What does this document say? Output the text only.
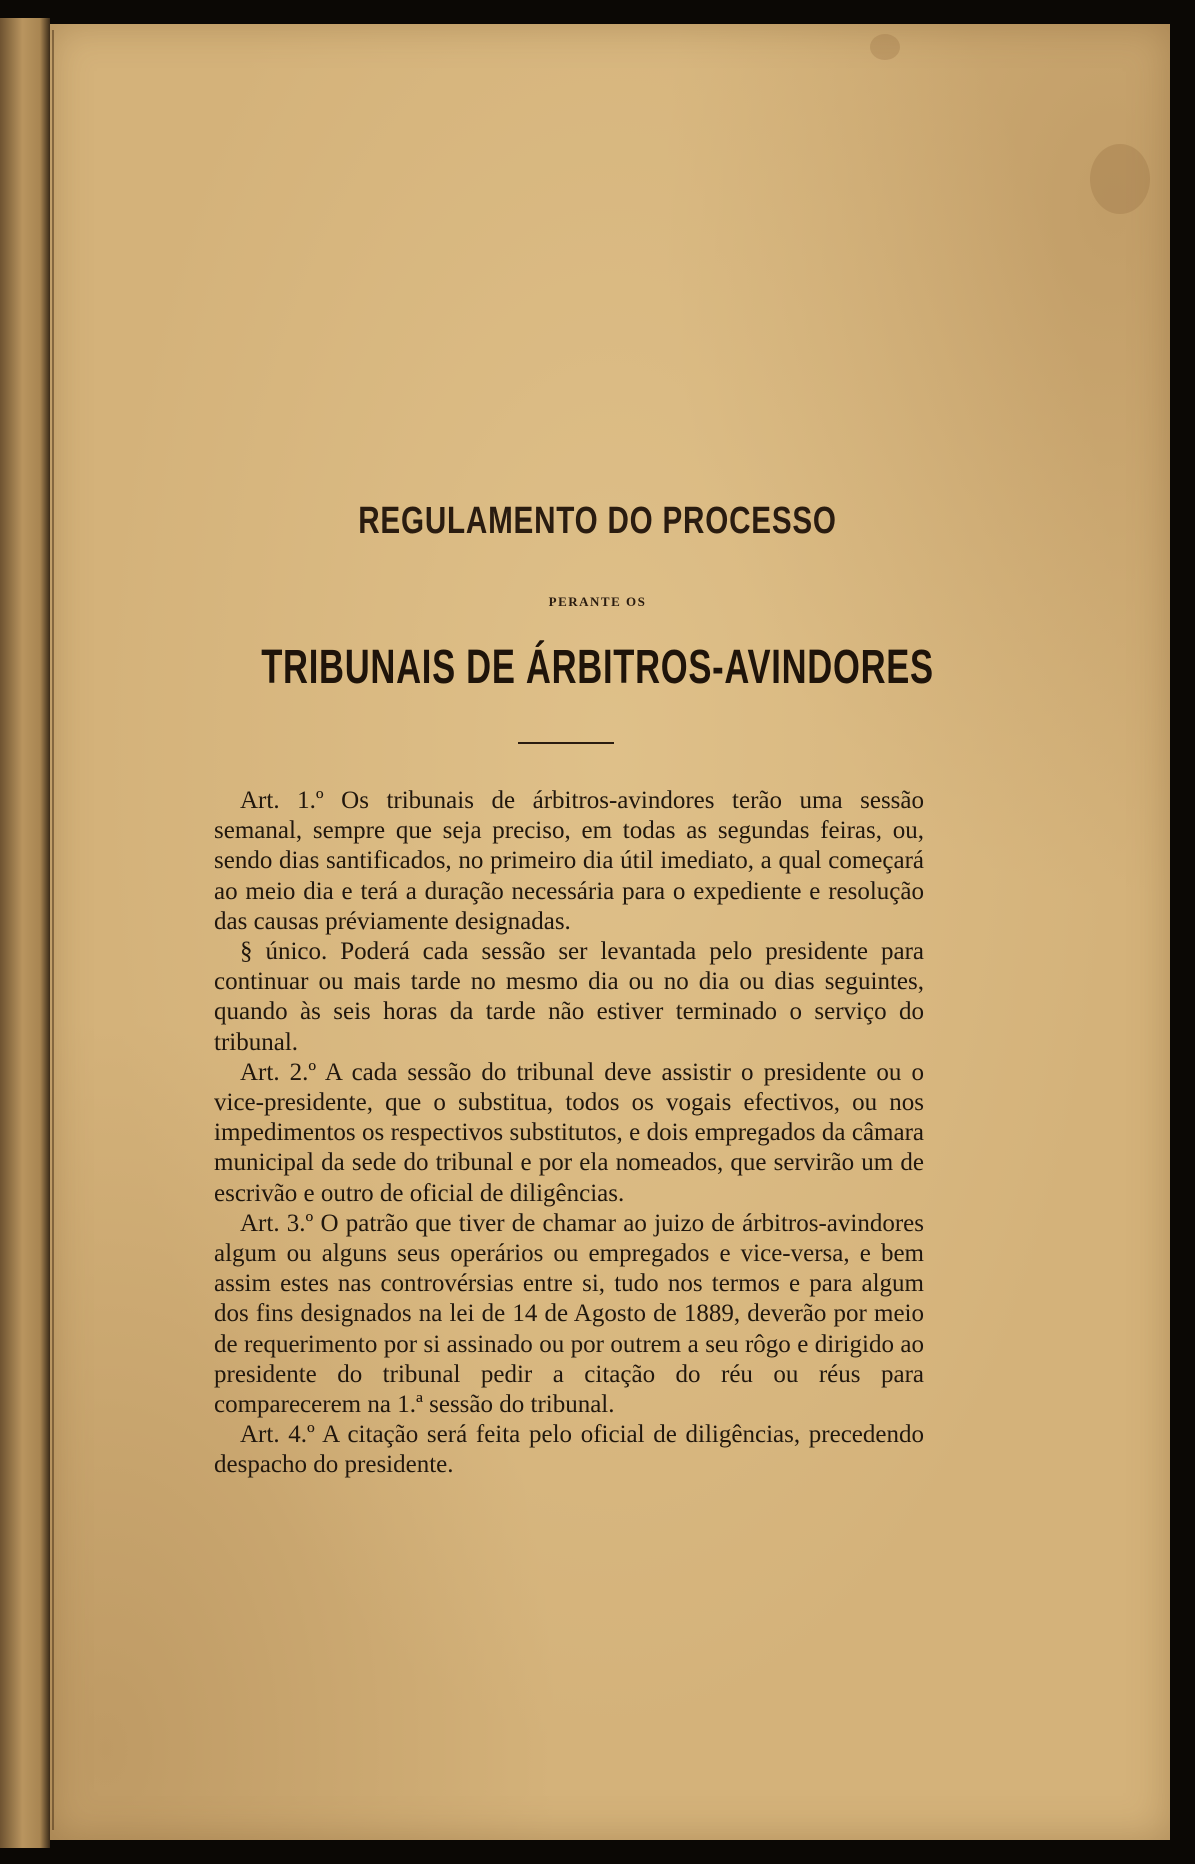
REGULAMENTO DO PROCESSO
PERANTE OS
TRIBUNAIS DE ÁRBITROS-AVINDORES

Art. 1.º Os tribunais de árbitros-avindores terão uma sessão semanal, sempre que seja preciso, em todas as segundas feiras, ou, sendo dias santificados, no primeiro dia útil imediato, a qual começará ao meio dia e terá a duração necessária para o expediente e resolução das causas préviamente designadas.

§ único. Poderá cada sessão ser levantada pelo presidente para continuar ou mais tarde no mesmo dia ou no dia ou dias seguintes, quando às seis horas da tarde não estiver terminado o serviço do tribunal.

Art. 2.º A cada sessão do tribunal deve assistir o presidente ou o vice-presidente, que o substitua, todos os vogais efectivos, ou nos impedimentos os respectivos substitutos, e dois empregados da câmara municipal da sede do tribunal e por ela nomeados, que servirão um de escrivão e outro de oficial de diligências.

Art. 3.º O patrão que tiver de chamar ao juizo de árbitros-avindores algum ou alguns seus operários ou empregados e vice-versa, e bem assim estes nas controvérsias entre si, tudo nos termos e para algum dos fins designados na lei de 14 de Agosto de 1889, deverão por meio de requerimento por si assinado ou por outrem a seu rôgo e dirigido ao presidente do tribunal pedir a citação do réu ou réus para comparecerem na 1.ª sessão do tribunal.

Art. 4.º A citação será feita pelo oficial de diligências, precedendo despacho do presidente.
